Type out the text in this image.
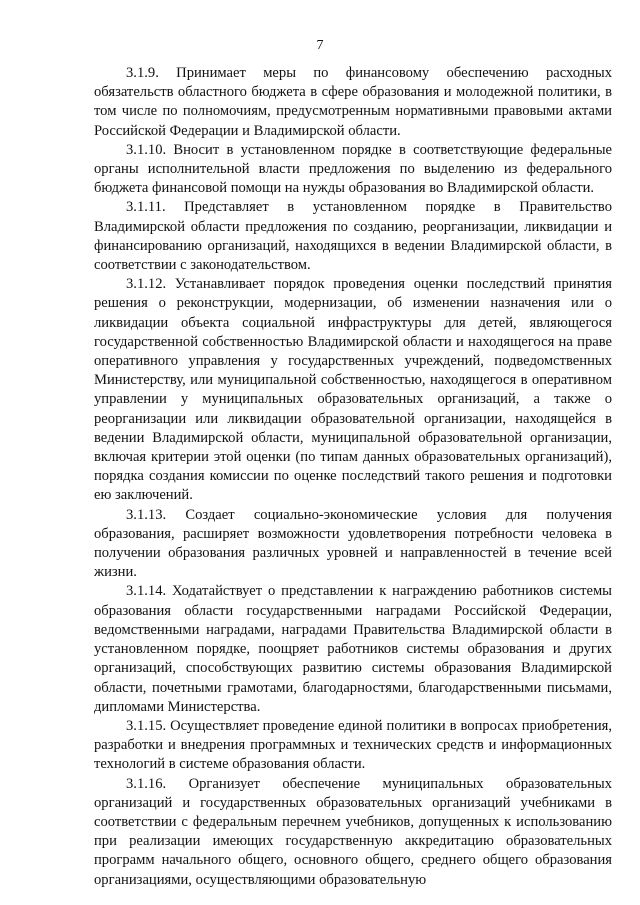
7

3.1.9. Принимает меры по финансовому обеспечению расходных обязательств областного бюджета в сфере образования и молодежной политики, в том числе по полномочиям, предусмотренным нормативными правовыми актами Российской Федерации и Владимирской области.

3.1.10. Вносит в установленном порядке в соответствующие федеральные органы исполнительной власти предложения по выделению из федерального бюджета финансовой помощи на нужды образования во Владимирской области.

3.1.11. Представляет в установленном порядке в Правительство Владимирской области предложения по созданию, реорганизации, ликвидации и финансированию организаций, находящихся в ведении Владимирской области, в соответствии с законодательством.

3.1.12. Устанавливает порядок проведения оценки последствий принятия решения о реконструкции, модернизации, об изменении назначения или о ликвидации объекта социальной инфраструктуры для детей, являющегося государственной собственностью Владимирской области и находящегося на праве оперативного управления у государственных учреждений, подведомственных Министерству, или муниципальной собственностью, находящегося в оперативном управлении у муниципальных образовательных организаций, а также о реорганизации или ликвидации образовательной организации, находящейся в ведении Владимирской области, муниципальной образовательной организации, включая критерии этой оценки (по типам данных образовательных организаций), порядка создания комиссии по оценке последствий такого решения и подготовки ею заключений.

3.1.13. Создает социально-экономические условия для получения образования, расширяет возможности удовлетворения потребности человека в получении образования различных уровней и направленностей в течение всей жизни.

3.1.14. Ходатайствует о представлении к награждению работников системы образования области государственными наградами Российской Федерации, ведомственными наградами, наградами Правительства Владимирской области в установленном порядке, поощряет работников системы образования и других организаций, способствующих развитию системы образования Владимирской области, почетными грамотами, благодарностями, благодарственными письмами, дипломами Министерства.

3.1.15. Осуществляет проведение единой политики в вопросах приобретения, разработки и внедрения программных и технических средств и информационных технологий в системе образования области.

3.1.16. Организует обеспечение муниципальных образовательных организаций и государственных образовательных организаций учебниками в соответствии с федеральным перечнем учебников, допущенных к использованию при реализации имеющих государственную аккредитацию образовательных программ начального общего, основного общего, среднего общего образования организациями, осуществляющими образовательную
